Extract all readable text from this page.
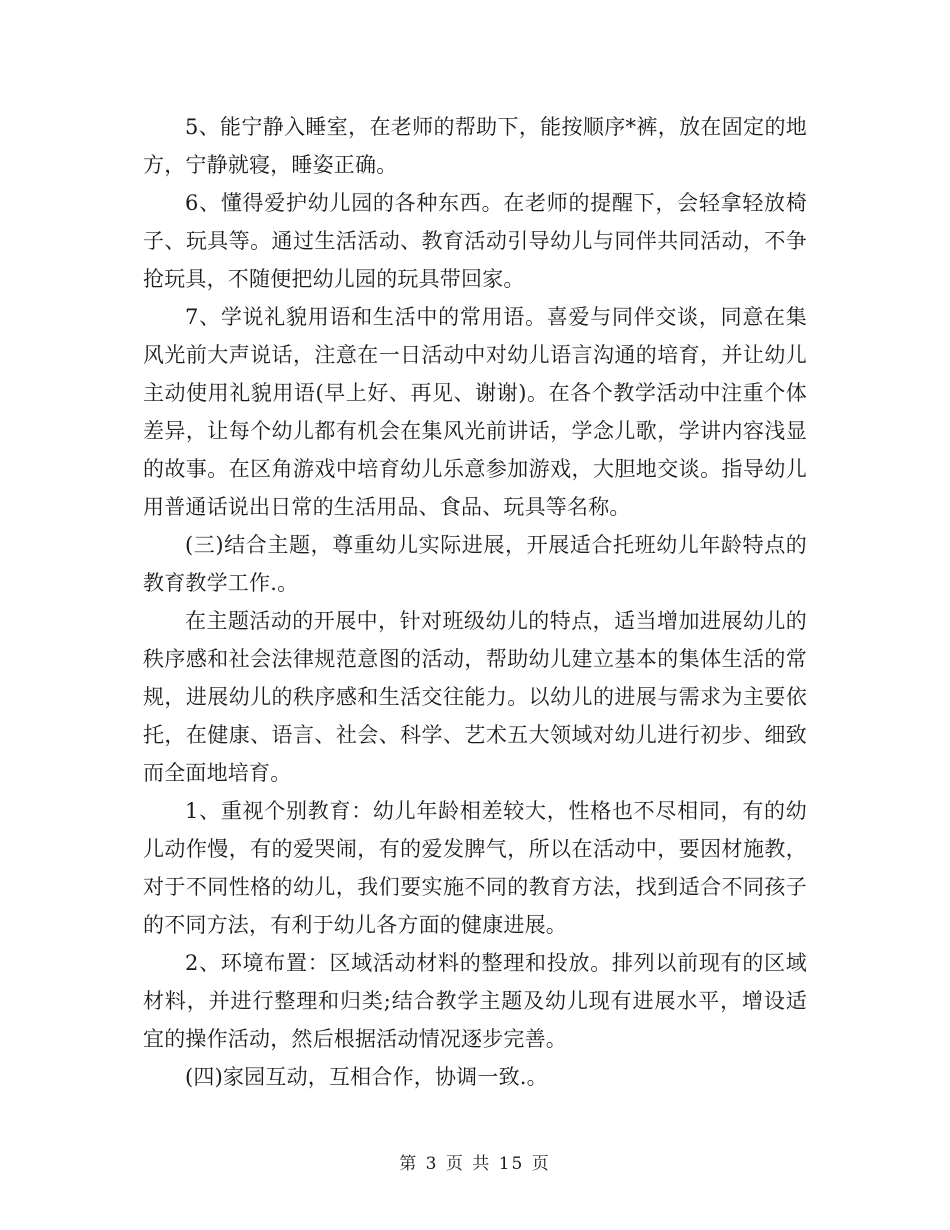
5、能宁静入睡室，在老师的帮助下，能按顺序*裤，放在固定的地方，宁静就寝，睡姿正确。

6、懂得爱护幼儿园的各种东西。在老师的提醒下，会轻拿轻放椅子、玩具等。通过生活活动、教育活动引导幼儿与同伴共同活动，不争抢玩具，不随便把幼儿园的玩具带回家。

7、学说礼貌用语和生活中的常用语。喜爱与同伴交谈，同意在集风光前大声说话，注意在一日活动中对幼儿语言沟通的培育，并让幼儿主动使用礼貌用语(早上好、再见、谢谢)。在各个教学活动中注重个体差异，让每个幼儿都有机会在集风光前讲话，学念儿歌，学讲内容浅显的故事。在区角游戏中培育幼儿乐意参加游戏，大胆地交谈。指导幼儿用普通话说出日常的生活用品、食品、玩具等名称。

(三)结合主题，尊重幼儿实际进展，开展适合托班幼儿年龄特点的教育教学工作.。

在主题活动的开展中，针对班级幼儿的特点，适当增加进展幼儿的秩序感和社会法律规范意图的活动，帮助幼儿建立基本的集体生活的常规，进展幼儿的秩序感和生活交往能力。以幼儿的进展与需求为主要依托，在健康、语言、社会、科学、艺术五大领域对幼儿进行初步、细致而全面地培育。

1、重视个别教育：幼儿年龄相差较大，性格也不尽相同，有的幼儿动作慢，有的爱哭闹，有的爱发脾气，所以在活动中，要因材施教，对于不同性格的幼儿，我们要实施不同的教育方法，找到适合不同孩子的不同方法，有利于幼儿各方面的健康进展。

2、环境布置：区域活动材料的整理和投放。排列以前现有的区域材料，并进行整理和归类;结合教学主题及幼儿现有进展水平，增设适宜的操作活动，然后根据活动情况逐步完善。

(四)家园互动，互相合作，协调一致.。

第 3 页 共 15 页
